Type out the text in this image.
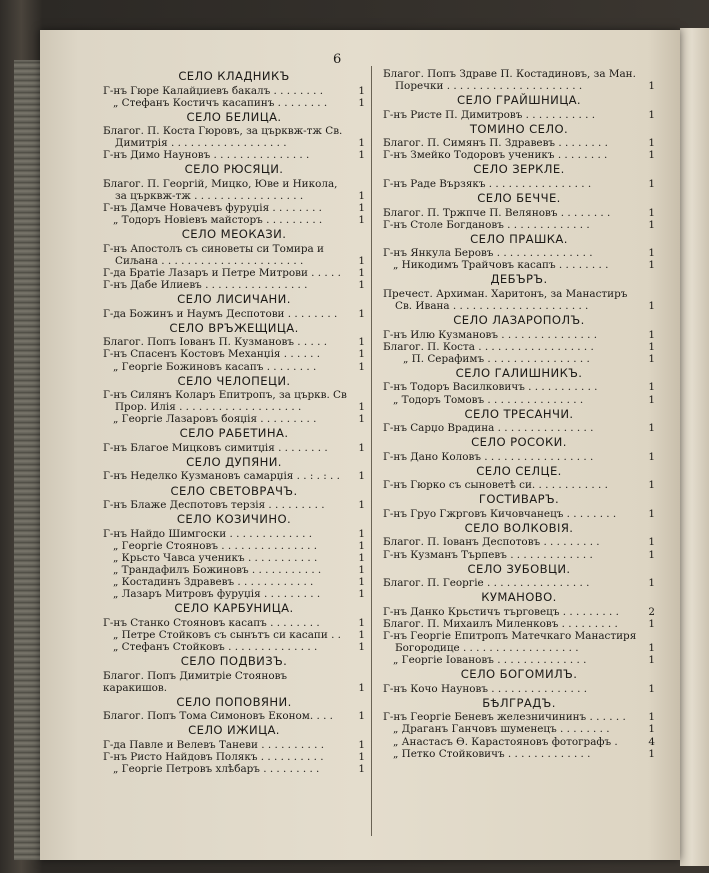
6
СЕЛО КЛАДНИКЪ
Г-нъ Гюре Калайџиевъ бакалъ . . . . . . . .	1
„ Стефанъ Костичъ касапинъ . . . . . . . .	1
СЕЛО БЕЛИЦА.
Благог. П. Коста Гюровъ, за църквж-тж Св. Димитрія . . . . . . . . . . . . . . . . . .	1
Г-нъ Димо Науновъ . . . . . . . . . . . . . . .	1
СЕЛО РЮСЯЦИ.
Благог. П. Георгій, Мицко, Юве и Никола, за църквж-тж . . . . . . . . . . . . . . . . .	1
Г-нъ Дамче Новачевъ фуруџія . . . . . . . .	1
„ Тодоръ Новіевъ майсторъ . . . . . . . . .	1
СЕЛО МЕОКАЗИ.
Г-нъ Апостолъ съ синоветы си Томира и Сиљана . . . . . . . . . . . . . . . . . . . . . .	1
Г-да Братіе Лазаръ и Петре Митрови . . . . .	1
Г-нъ Дабе Илиевъ . . . . . . . . . . . . . . . .	1
СЕЛО ЛИСИЧАНИ.
Г-да Божинъ и Наумъ Деспотови . . . . . . . .	1
СЕЛО ВРЪЖЕЩИЦА.
Благог. Попъ Іованъ П. Кузмановъ . . . . .	1
Г-нъ Спасенъ Костовъ Механџія . . . . . .	1
„ Георгіе Божиновъ касапъ . . . . . . . .	1
СЕЛО ЧЕЛОПЕЦИ.
Г-нъ Силянъ Коларъ Епитропъ, за църкв. Св Прор. Илія . . . . . . . . . . . . . . . . . . .	1
„ Георгіе Лазаровъ бояџія . . . . . . . . .	1
СЕЛО РАБЕТИНА.
Г-нъ Благое Мицковъ симитџія . . . . . . . .	1
СЕЛО ДУПЯНИ.
Г-нъ Неделко Кузмановъ самарџія . . : . : . .	1
СЕЛО СВЕТОВРАЧЪ.
Г-нъ Блаже Деспотовъ терзія . . . . . . . . .	1
СЕЛО КОЗИЧИНО.
Г-нъ Найдо Шимгоски . . . . . . . . . . . . .	1
„ Георгіе Стояновъ . . . . . . . . . . . . . . .	1
„ Крьсто Чавса ученикъ . . . . . . . . . . .	1
„ Трандафилъ Божиновъ . . . . . . . . . . .	1
„ Костадинъ Здравевъ . . . . . . . . . . . .	1
„ Лазаръ Митровъ фуруџія . . . . . . . . .	1
СЕЛО КАРБУНИЦА.
Г-нъ Станко Стояновъ касапъ . . . . . . . .	1
„ Петре Стойковъ съ сынътъ си касапи . .	1
„ Стефанъ Стойковъ . . . . . . . . . . . . . .	1
СЕЛО ПОДВИЗЪ.
Благог. Попъ Димитріе Стояновъ каракишов.	1
СЕЛО ПОПОВЯНИ.
Благог. Попъ Тома Симоновъ Економ. . . .	1
СЕЛО ИЖИЦА.
Г-да Павле и Велевъ Таневи . . . . . . . . . .	1
Г-нъ Ристо Найдовъ Полякъ . . . . . . . . . .	1
„ Георгіе Петровъ хлѣбаръ . . . . . . . . .	1
Благог. Попъ Здраве П. Костадиновъ, за Ман. Поречки . . . . . . . . . . . . . . . . . . . . .	1
СЕЛО ГРАЙШНИЦА.
Г-нъ Ристе П. Димитровъ . . . . . . . . . . .	1
ТОМИНО СЕЛО.
Благог. П. Симянъ П. Здравевъ . . . . . . . .	1
Г-нъ Змейко Тодоровъ ученикъ . . . . . . . .	1
СЕЛО ЗЕРКЛЕ.
Г-нъ Раде Вързякъ . . . . . . . . . . . . . . . .	1
СЕЛО БЕЧЧЕ.
Благог. П. Тржпче П. Веляновъ . . . . . . . .	1
Г-нъ Столе Богдановъ . . . . . . . . . . . . .	1
СЕЛО ПРАШКА.
Г-нъ Янкула Беровъ . . . . . . . . . . . . . . .	1
„ Никодимъ Трайчовъ касапъ . . . . . . . .	1
ДЕБЪРЪ.
Пречест. Архиман. Харитонъ, за Манастиръ Св. Ивана . . . . . . . . . . . . . . . . . . . . .	1
СЕЛО ЛАЗАРОПОЛЪ.
Г-нъ Илю Кузмановъ . . . . . . . . . . . . . . .	1
Благог. П. Коста . . . . . . . . . . . . . . . . . .	1
„ П. Серафимъ . . . . . . . . . . . . . . . .	1
СЕЛО ГАЛИШНИКЪ.
Г-нъ Тодоръ Василковичъ . . . . . . . . . . .	1
„ Тодоръ Томовъ . . . . . . . . . . . . . . .	1
СЕЛО ТРЕСАНЧИ.
Г-нъ Сарџо Врадина . . . . . . . . . . . . . . .	1
СЕЛО РОСОКИ.
Г-нъ Дано Коловъ . . . . . . . . . . . . . . . . .	1
СЕЛО СЕЛЦЕ.
Г-нъ Гюрко съ сыноветѣ си. . . . . . . . . . . .	1
ГОСТИВАРЪ.
Г-нъ Груо Гжрговъ Кичовчанецъ . . . . . . . .	1
СЕЛО ВОЛКОВІЯ.
Благог. П. Іованъ Деспотовъ . . . . . . . . .	1
Г-нъ Кузманъ Търпевъ . . . . . . . . . . . . .	1
СЕЛО ЗУБОВЦИ.
Благог. П. Георгіе . . . . . . . . . . . . . . . .	1
КУМАНОВО.
Г-нъ Данко Крьстичъ търговецъ . . . . . . . . .	2
Благог. П. Михаилъ Миленковъ . . . . . . . . .	1
Г-нъ Георгіе Епитропъ Матечкаго Манастиря Богородице . . . . . . . . . . . . . . . . . .	1
„ Георгіе Іовановъ . . . . . . . . . . . . . .	1
СЕЛО БОГОМИЛЪ.
Г-нъ Кочо Науновъ . . . . . . . . . . . . . . .	1
БѢЛГРАДЪ.
Г-нъ Георгіе Беневъ железничининъ . . . . . .	1
„ Драганъ Ганчовъ шуменецъ . . . . . . . .	1
„ Анастасъ Ѳ. Карастояновъ фотографъ .	4
„ Петко Стойковичъ . . . . . . . . . . . . .	1
